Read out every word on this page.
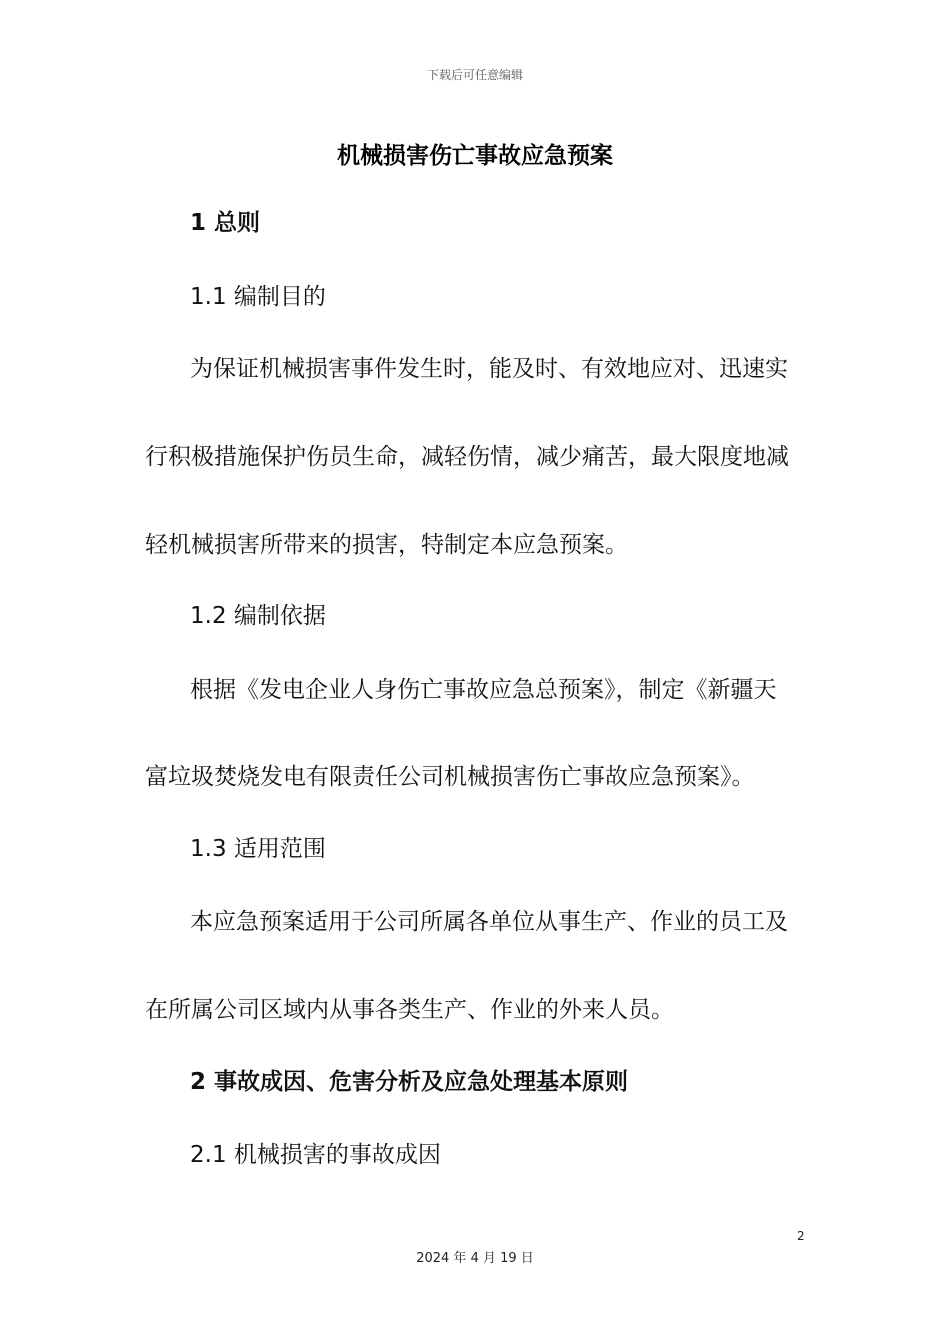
下载后可任意编辑
机械损害伤亡事故应急预案
1 总则
1.1 编制目的
为保证机械损害事件发生时，能及时、有效地应对、迅速实
行积极措施保护伤员生命，减轻伤情，减少痛苦，最大限度地减
轻机械损害所带来的损害，特制定本应急预案。
1.2 编制依据
根据《发电企业人身伤亡事故应急总预案》，制定《新疆天
富垃圾焚烧发电有限责任公司机械损害伤亡事故应急预案》。
1.3 适用范围
本应急预案适用于公司所属各单位从事生产、作业的员工及
在所属公司区域内从事各类生产、作业的外来人员。
2 事故成因、危害分析及应急处理基本原则
2.1 机械损害的事故成因
2
2024 年 4 月 19 日
